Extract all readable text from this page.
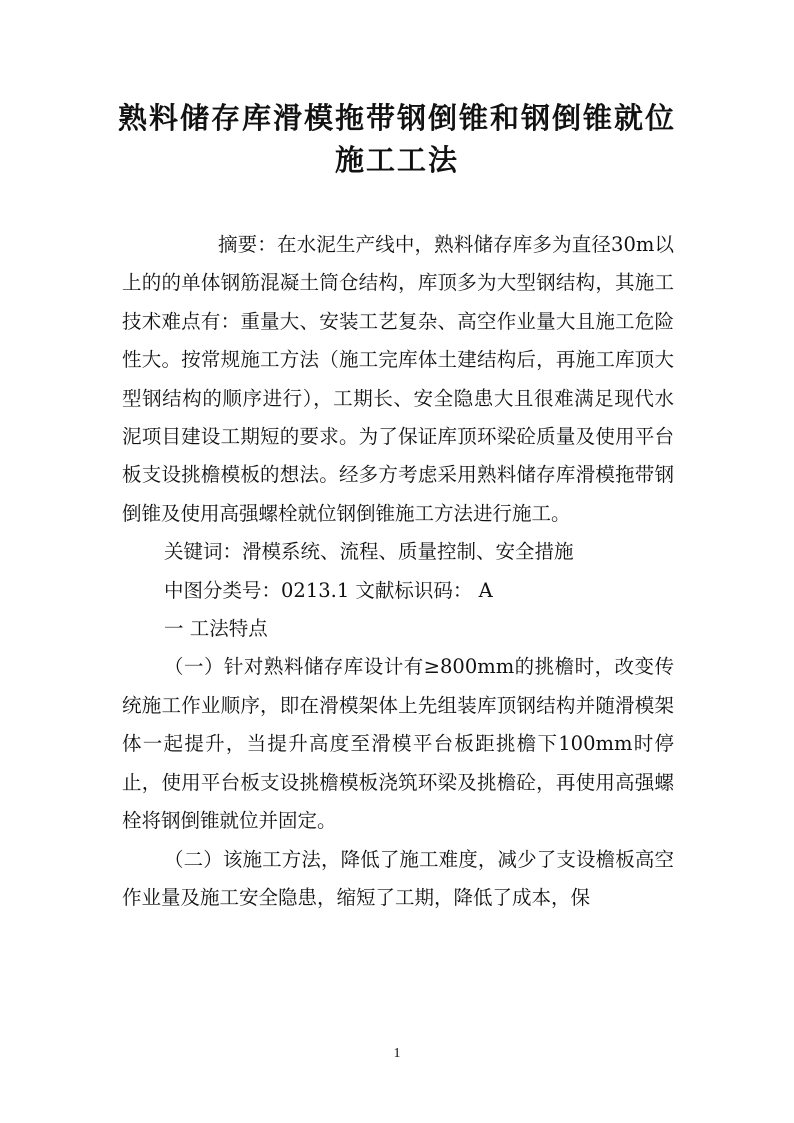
熟料储存库滑模拖带钢倒锥和钢倒锥就位
施工工法

摘要：在水泥生产线中，熟料储存库多为直径30m以上的的单体钢筋混凝土筒仓结构，库顶多为大型钢结构，其施工技术难点有：重量大、安装工艺复杂、高空作业量大且施工危险性大。按常规施工方法（施工完库体土建结构后，再施工库顶大型钢结构的顺序进行），工期长、安全隐患大且很难满足现代水泥项目建设工期短的要求。为了保证库顶环梁砼质量及使用平台板支设挑檐模板的想法。经多方考虑采用熟料储存库滑模拖带钢倒锥及使用高强螺栓就位钢倒锥施工方法进行施工。

关键词：滑模系统、流程、质量控制、安全措施

中图分类号：0213.1 文献标识码： A

一 工法特点

（一）针对熟料储存库设计有≥800mm的挑檐时，改变传统施工作业顺序，即在滑模架体上先组装库顶钢结构并随滑模架体一起提升，当提升高度至滑模平台板距挑檐下100mm时停止，使用平台板支设挑檐模板浇筑环梁及挑檐砼，再使用高强螺栓将钢倒锥就位并固定。

（二）该施工方法，降低了施工难度，减少了支设檐板高空作业量及施工安全隐患，缩短了工期，降低了成本，保

1
